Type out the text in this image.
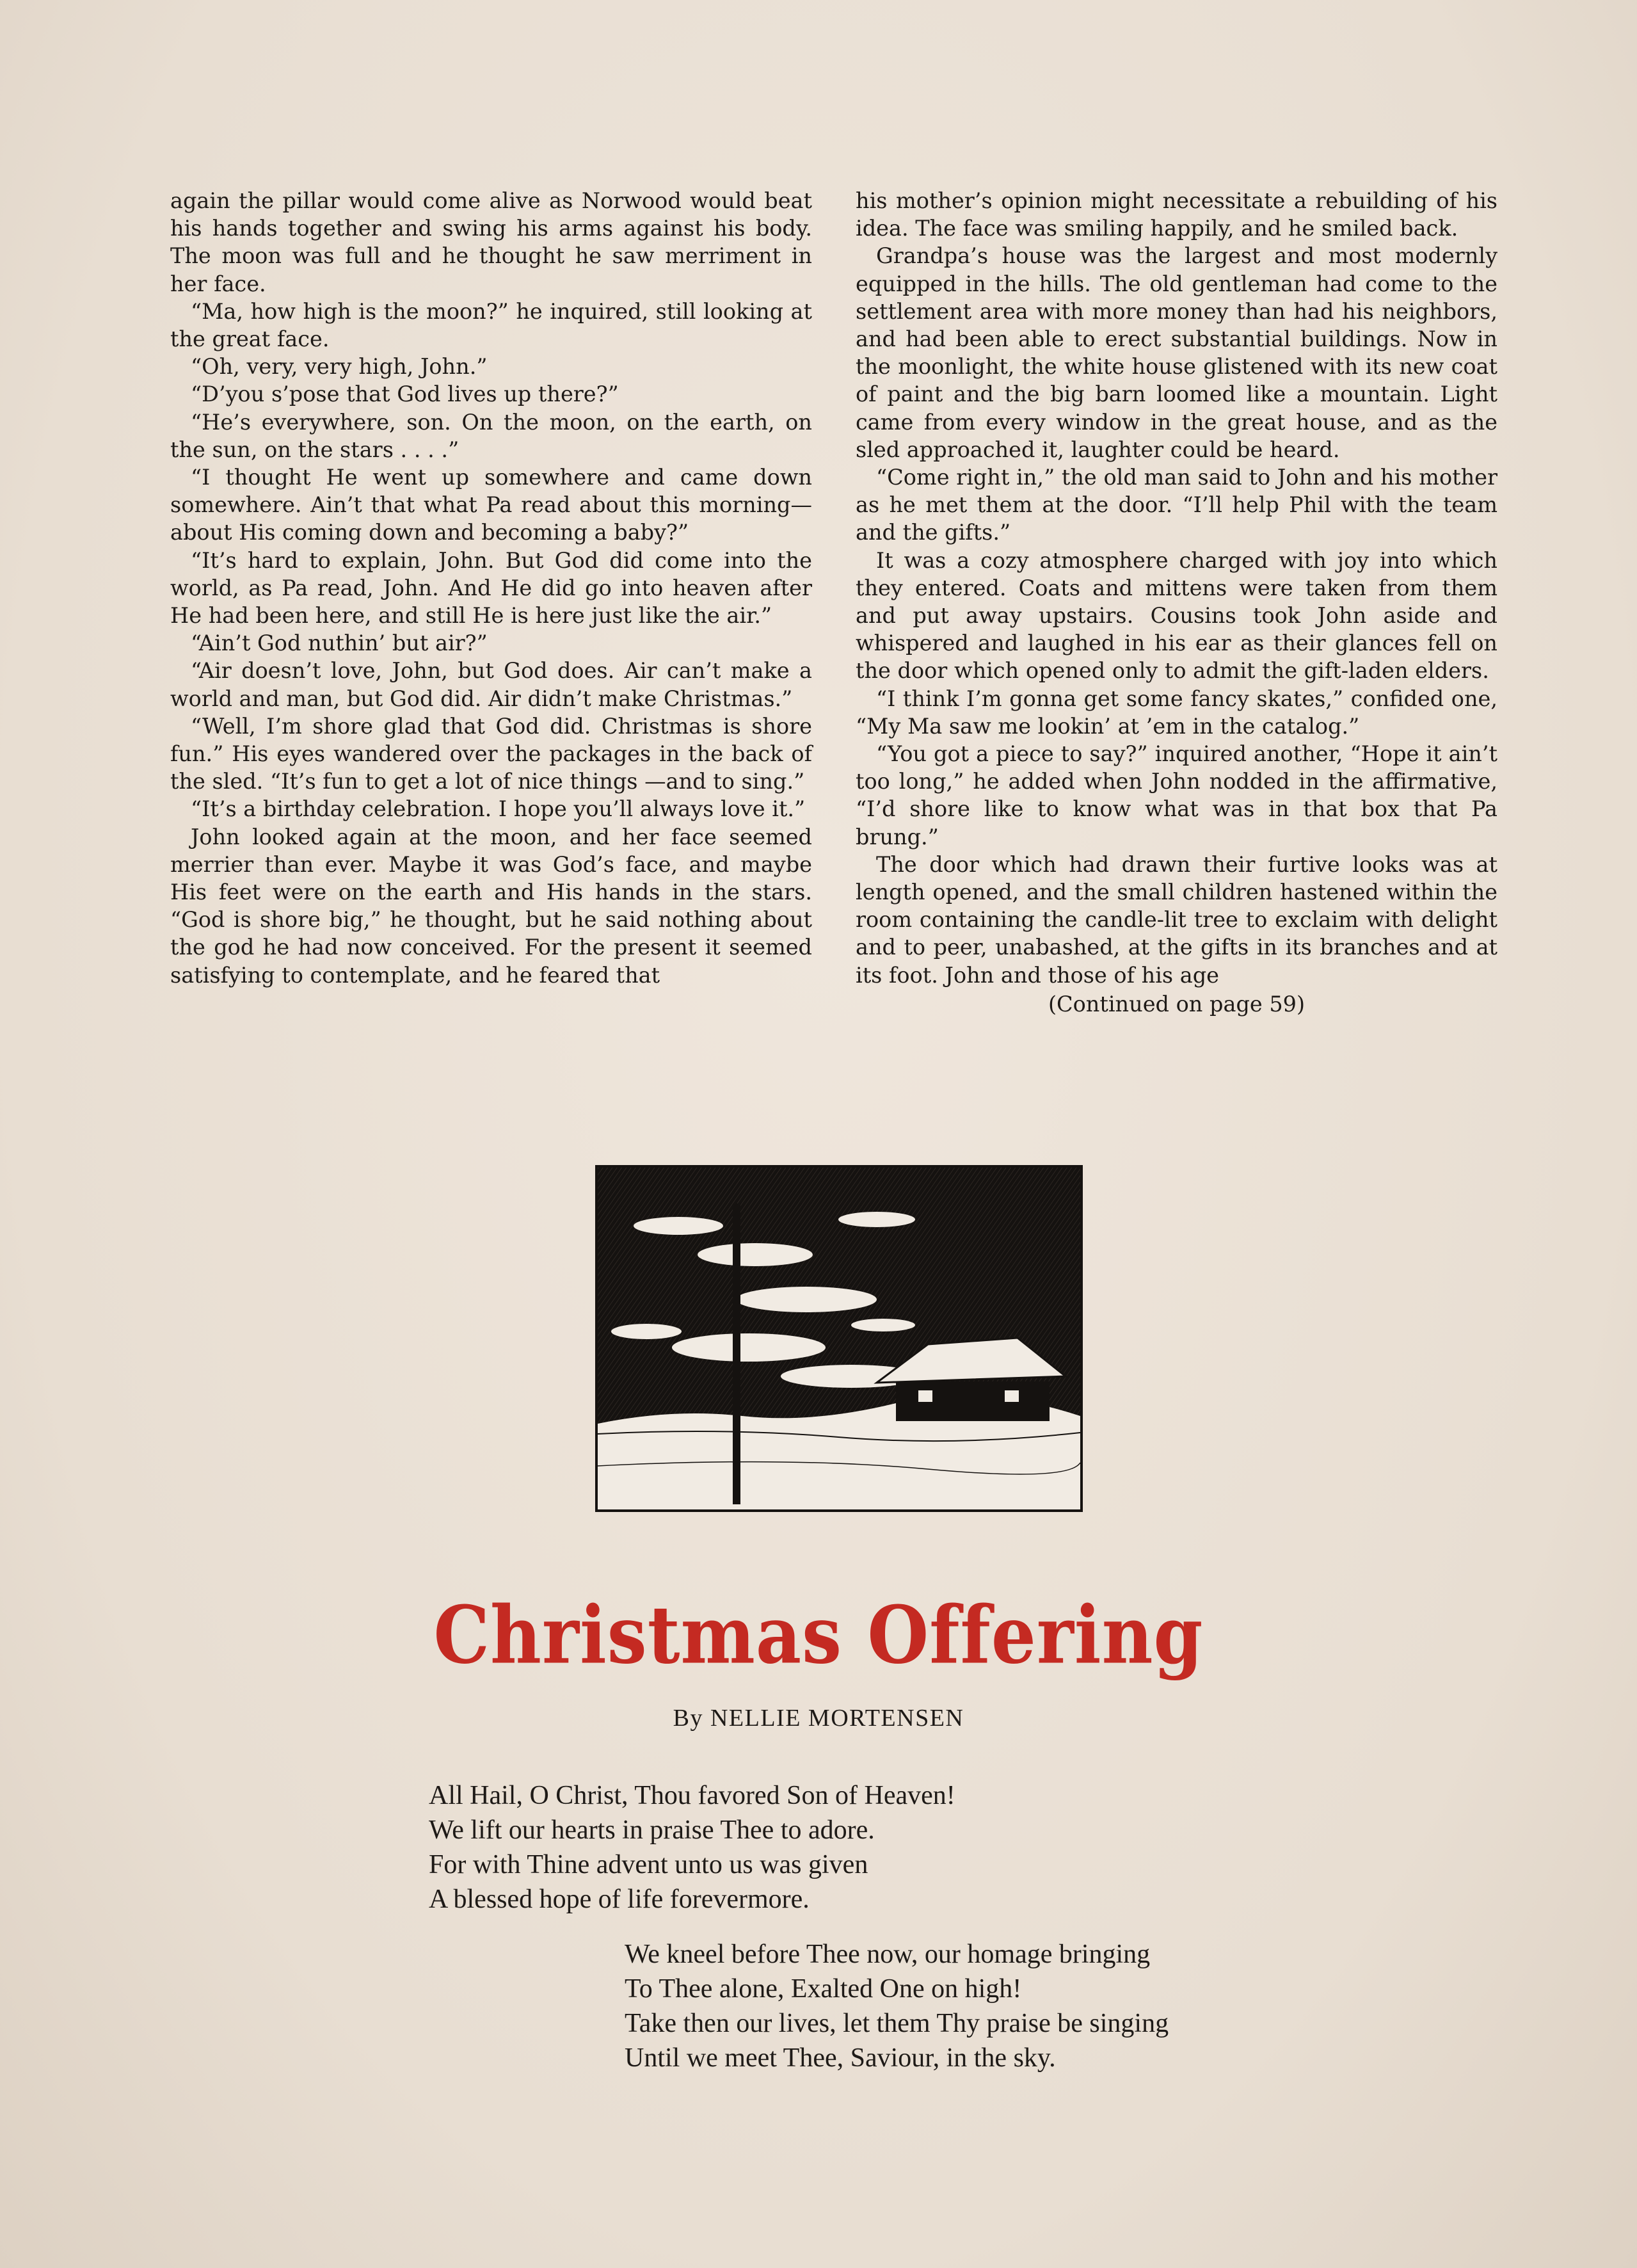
again the pillar would come alive as Norwood would beat his hands together and swing his arms against his body. The moon was full and he thought he saw merriment in her face.

“Ma, how high is the moon?” he inquired, still looking at the great face.

“Oh, very, very high, John.”

“D’you s’pose that God lives up there?”

“He’s everywhere, son. On the moon, on the earth, on the sun, on the stars . . . .”

“I thought He went up somewhere and came down somewhere. Ain’t that what Pa read about this morning—about His coming down and becoming a baby?”

“It’s hard to explain, John. But God did come into the world, as Pa read, John. And He did go into heaven after He had been here, and still He is here just like the air.”

“Ain’t God nuthin’ but air?”

“Air doesn’t love, John, but God does. Air can’t make a world and man, but God did. Air didn’t make Christmas.”

“Well, I’m shore glad that God did. Christmas is shore fun.” His eyes wandered over the packages in the back of the sled. “It’s fun to get a lot of nice things —and to sing.”

“It’s a birthday celebration. I hope you’ll always love it.”

John looked again at the moon, and her face seemed merrier than ever. Maybe it was God’s face, and maybe His feet were on the earth and His hands in the stars. “God is shore big,” he thought, but he said nothing about the god he had now conceived. For the present it seemed satisfying to contemplate, and he feared that

his mother’s opinion might necessitate a rebuilding of his idea. The face was smiling happily, and he smiled back.

Grandpa’s house was the largest and most modernly equipped in the hills. The old gentleman had come to the settlement area with more money than had his neighbors, and had been able to erect substantial buildings. Now in the moonlight, the white house glistened with its new coat of paint and the big barn loomed like a mountain. Light came from every window in the great house, and as the sled approached it, laughter could be heard.

“Come right in,” the old man said to John and his mother as he met them at the door. “I’ll help Phil with the team and the gifts.”

It was a cozy atmosphere charged with joy into which they entered. Coats and mittens were taken from them and put away upstairs. Cousins took John aside and whispered and laughed in his ear as their glances fell on the door which opened only to admit the gift-laden elders.

“I think I’m gonna get some fancy skates,” confided one, “My Ma saw me lookin’ at ’em in the catalog.”

“You got a piece to say?” inquired another, “Hope it ain’t too long,” he added when John nodded in the affirmative, “I’d shore like to know what was in that box that Pa brung.”

The door which had drawn their furtive looks was at length opened, and the small children hastened within the room containing the candle-lit tree to exclaim with delight and to peer, unabashed, at the gifts in its branches and at its foot. John and those of his age

(Continued on page 59)

Christmas Offering
By NELLIE MORTENSEN
All Hail, O Christ, Thou favored Son of Heaven!
We lift our hearts in praise Thee to adore.
For with Thine advent unto us was given
A blessed hope of life forevermore.
We kneel before Thee now, our homage bringing
To Thee alone, Exalted One on high!
Take then our lives, let them Thy praise be singing
Until we meet Thee, Saviour, in the sky.
